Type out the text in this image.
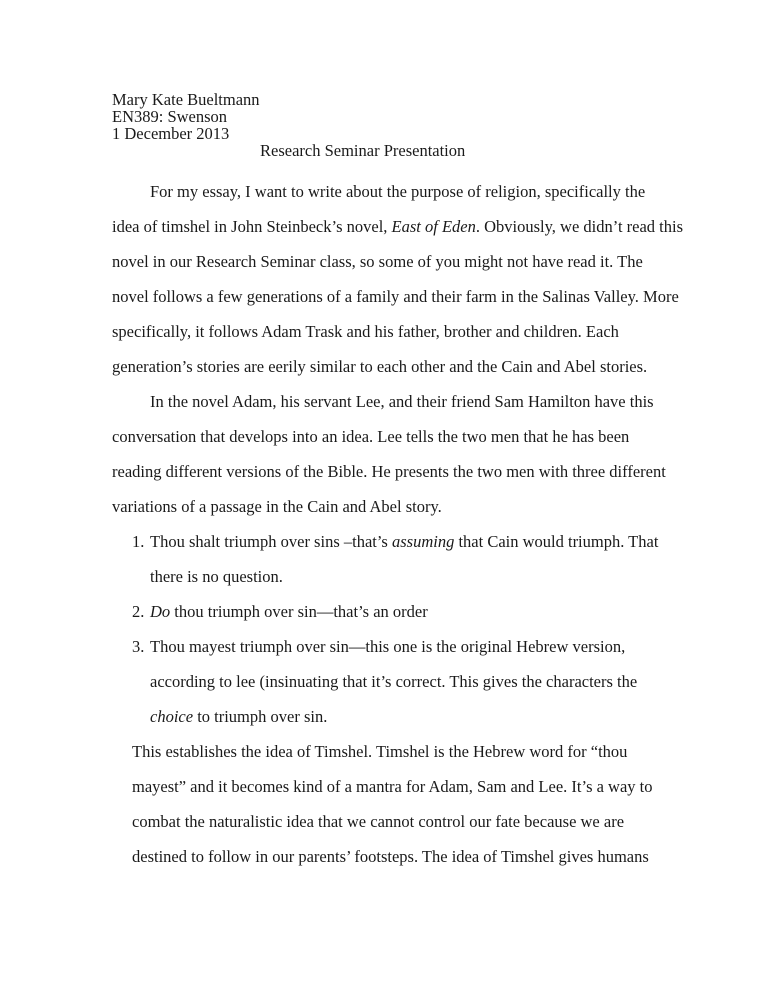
Mary Kate Bueltmann
EN389: Swenson
1 December 2013
Research Seminar Presentation
For my essay, I want to write about the purpose of religion, specifically the
idea of timshel in John Steinbeck’s novel, East of Eden. Obviously, we didn’t read this
novel in our Research Seminar class, so some of you might not have read it. The
novel follows a few generations of a family and their farm in the Salinas Valley. More
specifically, it follows Adam Trask and his father, brother and children. Each
generation’s stories are eerily similar to each other and the Cain and Abel stories.
In the novel Adam, his servant Lee, and their friend Sam Hamilton have this
conversation that develops into an idea. Lee tells the two men that he has been
reading different versions of the Bible. He presents the two men with three different
variations of a passage in the Cain and Abel story.
1. Thou shalt triumph over sins –that’s assuming that Cain would triumph. That
there is no question.
2. Do thou triumph over sin—that’s an order
3. Thou mayest triumph over sin—this one is the original Hebrew version,
according to lee (insinuating that it’s correct. This gives the characters the
choice to triumph over sin.
This establishes the idea of Timshel. Timshel is the Hebrew word for “thou
mayest” and it becomes kind of a mantra for Adam, Sam and Lee. It’s a way to
combat the naturalistic idea that we cannot control our fate because we are
destined to follow in our parents’ footsteps. The idea of Timshel gives humans
